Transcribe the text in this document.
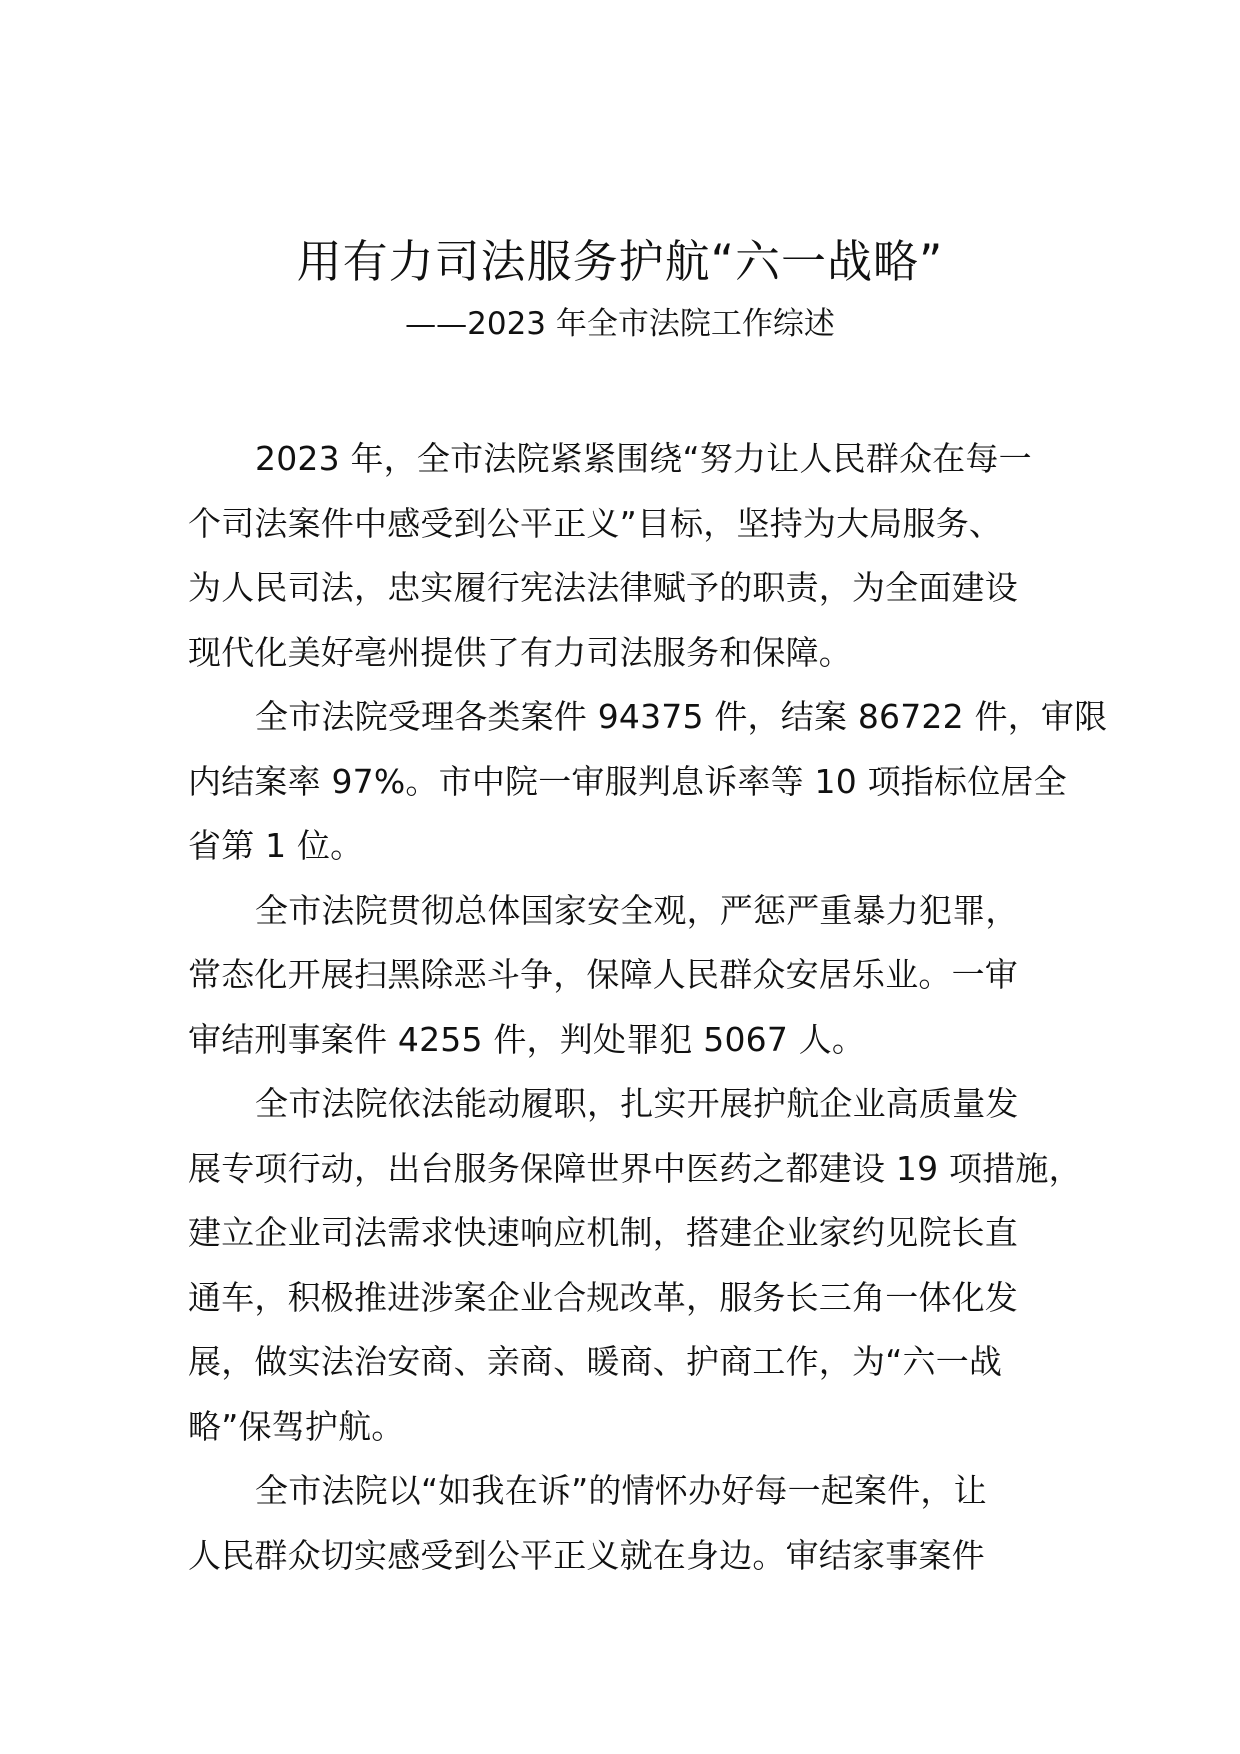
用有力司法服务护航“六一战略”
——2023 年全市法院工作综述
2023 年，全市法院紧紧围绕“努力让人民群众在每一
个司法案件中感受到公平正义”目标，坚持为大局服务、
为人民司法，忠实履行宪法法律赋予的职责，为全面建设
现代化美好亳州提供了有力司法服务和保障。
全市法院受理各类案件 94375 件，结案 86722 件，审限
内结案率 97%。市中院一审服判息诉率等 10 项指标位居全
省第 1 位。
全市法院贯彻总体国家安全观，严惩严重暴力犯罪，
常态化开展扫黑除恶斗争，保障人民群众安居乐业。一审
审结刑事案件 4255 件，判处罪犯 5067 人。
全市法院依法能动履职，扎实开展护航企业高质量发
展专项行动，出台服务保障世界中医药之都建设 19 项措施，
建立企业司法需求快速响应机制，搭建企业家约见院长直
通车，积极推进涉案企业合规改革，服务长三角一体化发
展，做实法治安商、亲商、暖商、护商工作，为“六一战
略”保驾护航。
全市法院以“如我在诉”的情怀办好每一起案件，让
人民群众切实感受到公平正义就在身边。审结家事案件
